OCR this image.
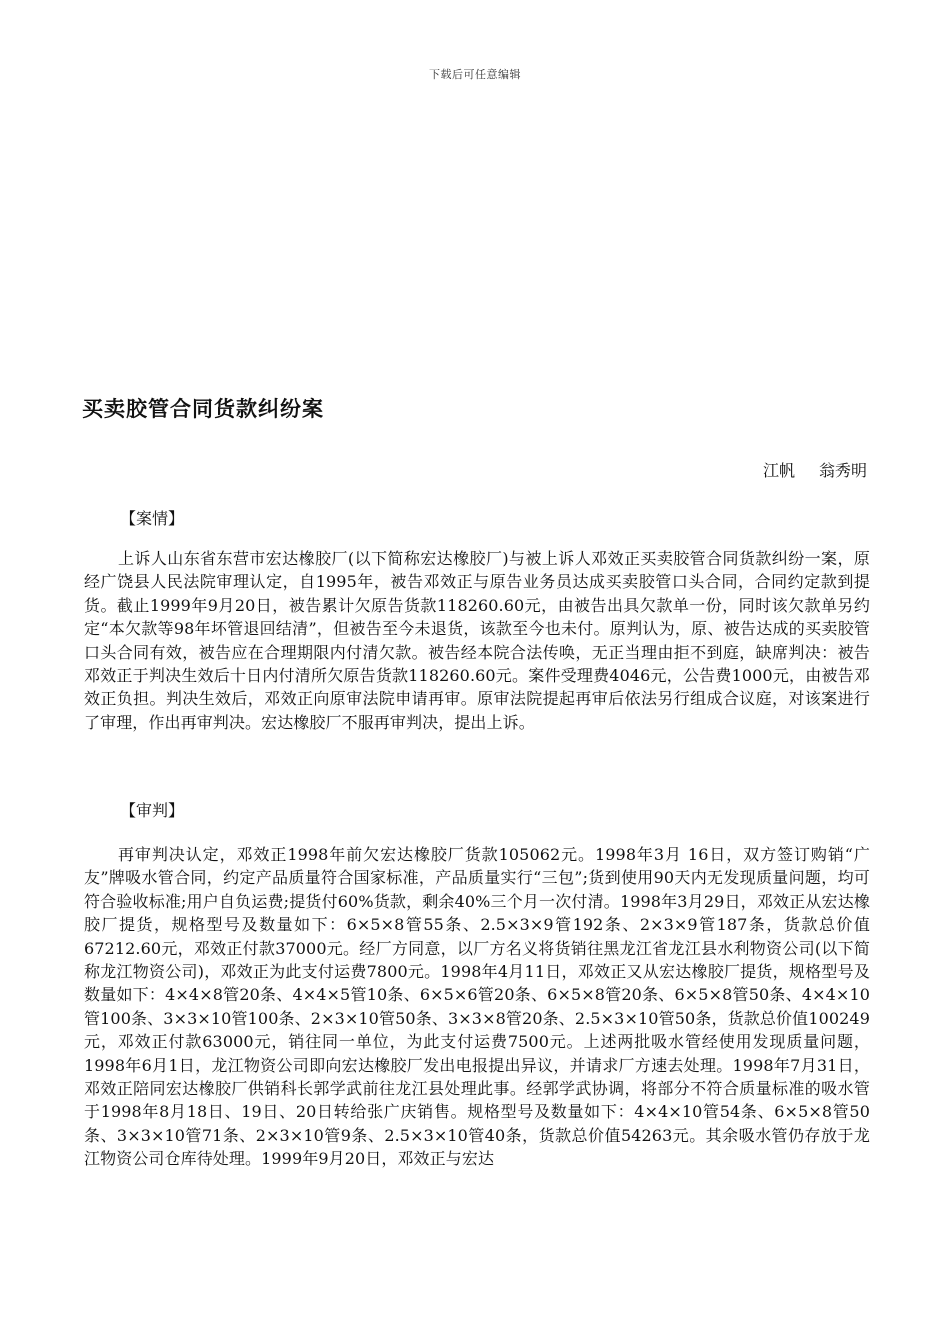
下载后可任意编辑
买卖胶管合同货款纠纷案
江帆 翁秀明
【案情】

上诉人山东省东营市宏达橡胶厂(以下简称宏达橡胶厂)与被上诉人邓效正买卖胶管合同货款纠纷一案，原经广饶县人民法院审理认定，自1995年，被告邓效正与原告业务员达成买卖胶管口头合同，合同约定款到提货。截止1999年9月20日，被告累计欠原告货款118260.60元，由被告出具欠款单一份，同时该欠款单另约定“本欠款等98年坏管退回结清”，但被告至今未退货，该款至今也未付。原判认为，原、被告达成的买卖胶管口头合同有效，被告应在合理期限内付清欠款。被告经本院合法传唤，无正当理由拒不到庭，缺席判决：被告邓效正于判决生效后十日内付清所欠原告货款118260.60元。案件受理费4046元，公告费1000元，由被告邓效正负担。判决生效后，邓效正向原审法院申请再审。原审法院提起再审后依法另行组成合议庭，对该案进行了审理，作出再审判决。宏达橡胶厂不服再审判决，提出上诉。

【审判】

再审判决认定，邓效正1998年前欠宏达橡胶厂货款105062元。1998年3月 16日，双方签订购销“广友”牌吸水管合同，约定产品质量符合国家标准，产品质量实行“三包”;货到使用90天内无发现质量问题，均可符合验收标准;用户自负运费;提货付60%货款，剩余40%三个月一次付清。1998年3月29日，邓效正从宏达橡胶厂提货，规格型号及数量如下：6×5×8管55条、2.5×3×9管192条、2×3×9管187条，货款总价值67212.60元，邓效正付款37000元。经厂方同意，以厂方名义将货销往黑龙江省龙江县水利物资公司(以下简称龙江物资公司)，邓效正为此支付运费7800元。1998年4月11日，邓效正又从宏达橡胶厂提货，规格型号及数量如下：4×4×8管20条、4×4×5管10条、6×5×6管20条、6×5×8管20条、6×5×8管50条、4×4×10管100条、3×3×10管100条、2×3×10管50条、3×3×8管20条、2.5×3×10管50条，货款总价值100249元，邓效正付款63000元，销往同一单位，为此支付运费7500元。上述两批吸水管经使用发现质量问题，1998年6月1日，龙江物资公司即向宏达橡胶厂发出电报提出异议，并请求厂方速去处理。1998年7月31日，邓效正陪同宏达橡胶厂供销科长郭学武前往龙江县处理此事。经郭学武协调，将部分不符合质量标准的吸水管于1998年8月18日、19日、20日转给张广庆销售。规格型号及数量如下：4×4×10管54条、6×5×8管50条、3×3×10管71条、2×3×10管9条、2.5×3×10管40条，货款总价值54263元。其余吸水管仍存放于龙江物资公司仓库待处理。1999年9月20日，邓效正与宏达
